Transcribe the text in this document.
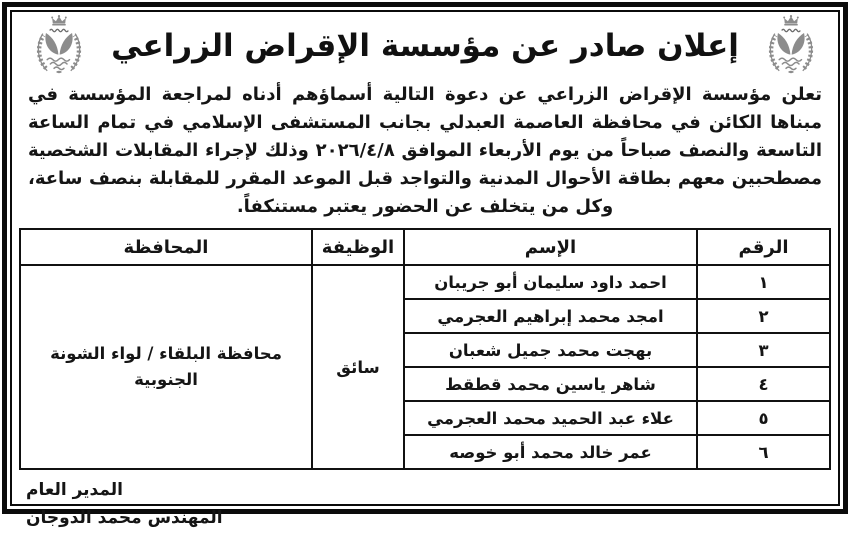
إعلان صادر عن مؤسسة الإقراض الزراعي

تعلن مؤسسة الإقراض الزراعي عن دعوة التالية أسماؤهم أدناه لمراجعة المؤسسة في مبناها الكائن في محافظة العاصمة العبدلي بجانب المستشفى الإسلامي في تمام الساعة التاسعة والنصف صباحاً من يوم الأربعاء الموافق ٢٠٢٦/٤/٨ وذلك لإجراء المقابلات الشخصية مصطحبين معهم بطاقة الأحوال المدنية والتواجد قبل الموعد المقرر للمقابلة بنصف ساعة، وكل من يتخلف عن الحضور يعتبر مستنكفاً.

الرقم	الإسم	الوظيفة	المحافظة
١	احمد داود سليمان أبو جريبان	سائق	محافظة البلقاء / لواء الشونة الجنوبية
٢	امجد محمد إبراهيم العجرمي		
٣	بهجت محمد جميل شعبان		
٤	شاهر ياسين محمد قطقط		
٥	علاء عبد الحميد محمد العجرمي		
٦	عمر خالد محمد أبو خوصه		
المدير العام
المهندس محمد الدوجان
